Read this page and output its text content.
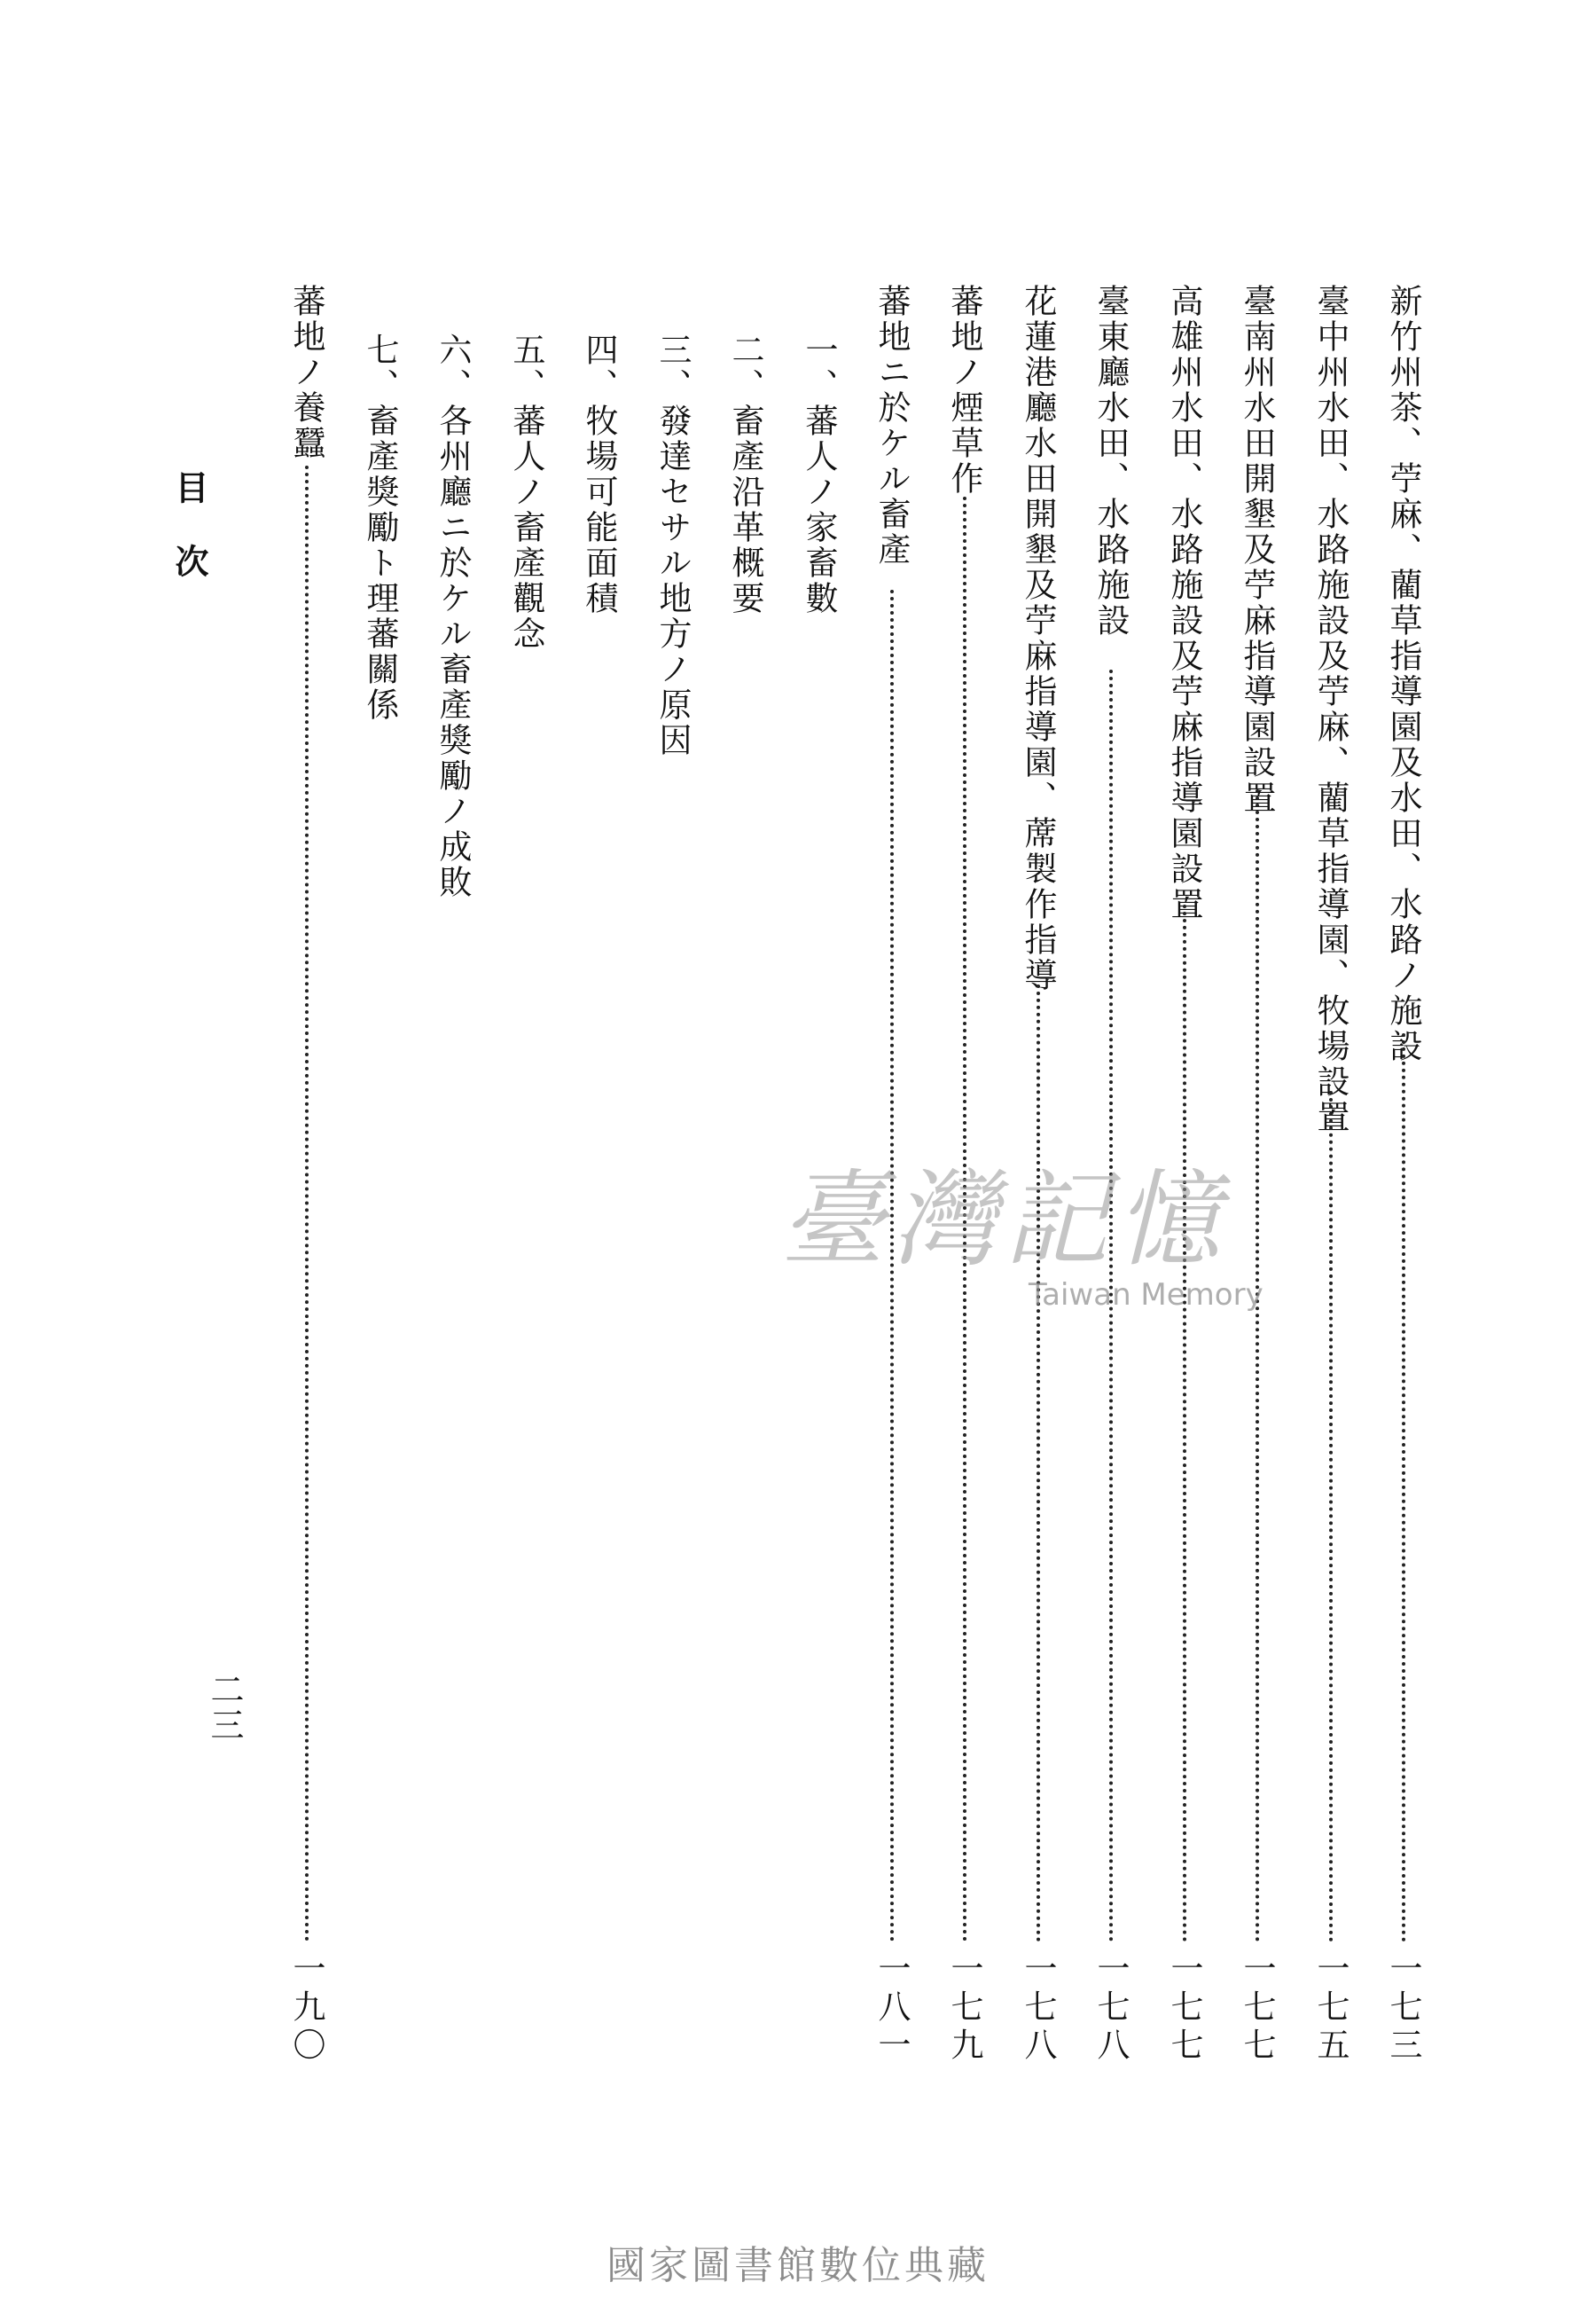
新竹州茶、苧麻、藺草指導園及水田、水路ノ施設
一七三
臺中州水田、水路施設及苧麻、藺草指導園、牧場設置
一七五
臺南州水田開墾及苧麻指導園設置
一七七
高雄州水田、水路施設及苧麻指導園設置
一七七
臺東廳水田、水路施設
一七八
花蓮港廳水田開墾及苧麻指導園、蓆製作指導
一七八
蕃地ノ煙草作
一七九
蕃地ニ於ケル畜產
一八一
一、蕃人ノ家畜數
二、畜產沿革概要
三、發達セサル地方ノ原因
四、牧場可能面積
五、蕃人ノ畜產觀念
六、各州廳ニ於ケル畜產獎勵ノ成敗
七、畜產獎勵ト理蕃關係
蕃地ノ養蠶
一九〇
目 次
二三
臺灣記憶
Taiwan Memory
國家圖書館數位典藏
